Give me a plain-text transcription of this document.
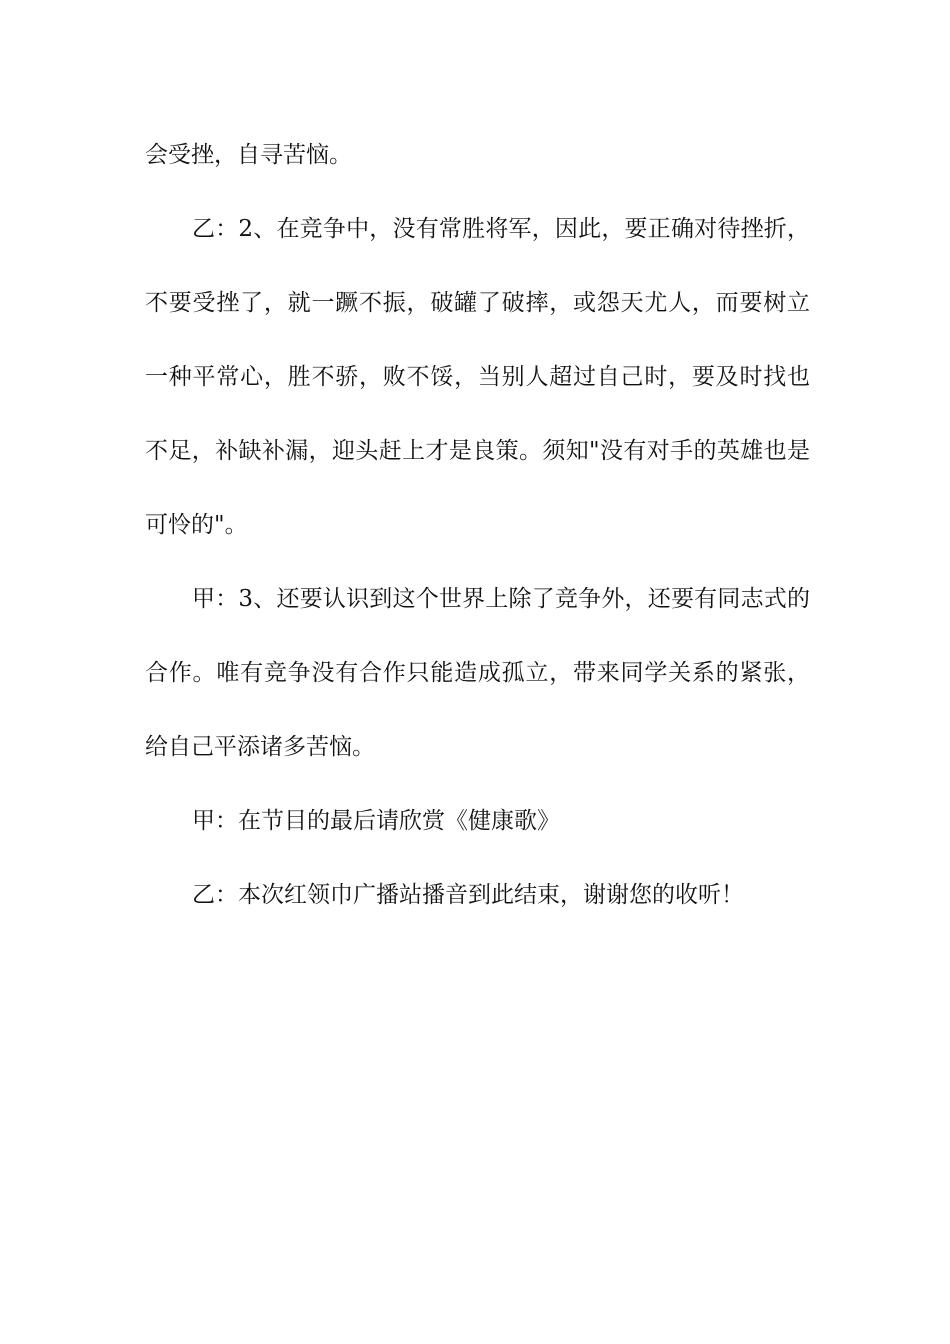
会受挫，自寻苦恼。

乙：2、在竞争中，没有常胜将军，因此，要正确对待挫折，不要受挫了，就一蹶不振，破罐了破摔，或怨天尤人，而要树立一种平常心，胜不骄，败不馁，当别人超过自己时，要及时找也不足，补缺补漏，迎头赶上才是良策。须知"没有对手的英雄也是可怜的"。

甲：3、还要认识到这个世界上除了竞争外，还要有同志式的合作。唯有竞争没有合作只能造成孤立，带来同学关系的紧张，给自己平添诸多苦恼。

甲：在节目的最后请欣赏《健康歌》

乙：本次红领巾广播站播音到此结束，谢谢您的收听！
